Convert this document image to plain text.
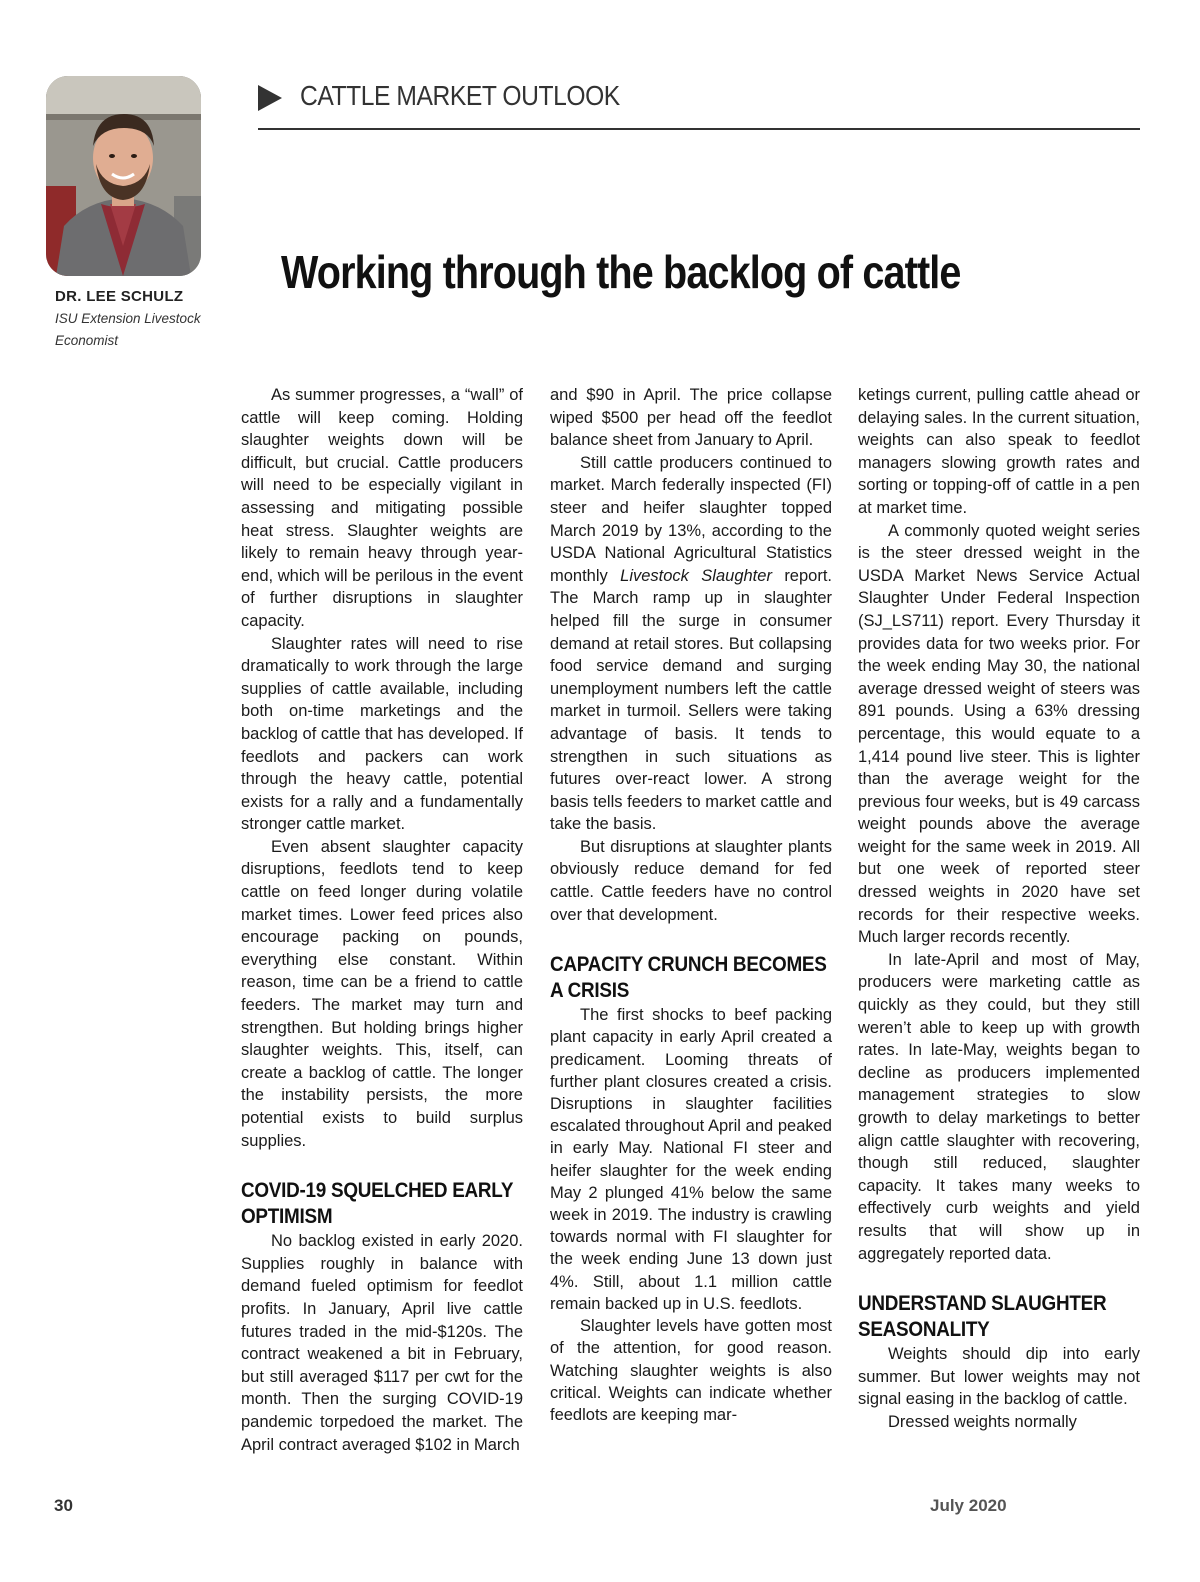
DR. LEE SCHULZ
ISU Extension Livestock
Economist
CATTLE MARKET OUTLOOK
Working through the backlog of cattle

As summer progresses, a “wall” of cattle will keep coming. Holding slaughter weights down will be difficult, but crucial. Cattle producers will need to be especially vigilant in assessing and mitigating possible heat stress. Slaughter weights are likely to remain heavy through year-end, which will be perilous in the event of further disruptions in slaughter capacity.

Slaughter rates will need to rise dramatically to work through the large supplies of cattle available, including both on-time marketings and the backlog of cattle that has developed. If feedlots and packers can work through the heavy cattle, potential exists for a rally and a fundamentally stronger cattle market.

Even absent slaughter capacity disruptions, feedlots tend to keep cattle on feed longer during volatile market times. Lower feed prices also encourage packing on pounds, everything else constant. Within reason, time can be a friend to cattle feeders. The market may turn and strengthen. But holding brings higher slaughter weights. This, itself, can create a backlog of cattle. The longer the instability persists, the more potential exists to build surplus supplies.

COVID-19 SQUELCHED EARLY OPTIMISM

No backlog existed in early 2020. Supplies roughly in balance with demand fueled optimism for feedlot profits. In January, April live cattle futures traded in the mid-$120s. The contract weakened a bit in February, but still averaged $117 per cwt for the month. Then the surging COVID-19 pandemic torpedoed the market. The April contract averaged $102 in March

and $90 in April. The price collapse wiped $500 per head off the feedlot balance sheet from January to April.

Still cattle producers continued to market. March federally inspected (FI) steer and heifer slaughter topped March 2019 by 13%, according to the USDA National Agricultural Statistics monthly Livestock Slaughter report. The March ramp up in slaughter helped fill the surge in consumer demand at retail stores. But collapsing food service demand and surging unemployment numbers left the cattle market in turmoil. Sellers were taking advantage of basis. It tends to strengthen in such situations as futures over-react lower. A strong basis tells feeders to market cattle and take the basis.

But disruptions at slaughter plants obviously reduce demand for fed cattle. Cattle feeders have no control over that development.

CAPACITY CRUNCH BECOMES A CRISIS

The first shocks to beef packing plant capacity in early April created a predicament. Looming threats of further plant closures created a crisis. Disruptions in slaughter facilities escalated throughout April and peaked in early May. National FI steer and heifer slaughter for the week ending May 2 plunged 41% below the same week in 2019. The industry is crawling towards normal with FI slaughter for the week ending June 13 down just 4%. Still, about 1.1 million cattle remain backed up in U.S. feedlots.

Slaughter levels have gotten most of the attention, for good reason. Watching slaughter weights is also critical. Weights can indicate whether feedlots are keeping mar-

ketings current, pulling cattle ahead or delaying sales. In the current situation, weights can also speak to feedlot managers slowing growth rates and sorting or topping-off of cattle in a pen at market time.

A commonly quoted weight series is the steer dressed weight in the USDA Market News Service Actual Slaughter Under Federal Inspection (SJ_LS711) report. Every Thursday it provides data for two weeks prior. For the week ending May 30, the national average dressed weight of steers was 891 pounds. Using a 63% dressing percentage, this would equate to a 1,414 pound live steer. This is lighter than the average weight for the previous four weeks, but is 49 carcass weight pounds above the average weight for the same week in 2019. All but one week of reported steer dressed weights in 2020 have set records for their respective weeks. Much larger records recently.

In late-April and most of May, producers were marketing cattle as quickly as they could, but they still weren’t able to keep up with growth rates. In late-May, weights began to decline as producers implemented management strategies to slow growth to delay marketings to better align cattle slaughter with recovering, though still reduced, slaughter capacity. It takes many weeks to effectively curb weights and yield results that will show up in aggregately reported data.

UNDERSTAND SLAUGHTER SEASONALITY

Weights should dip into early summer. But lower weights may not signal easing in the backlog of cattle.

Dressed weights normally

30	July 2020
